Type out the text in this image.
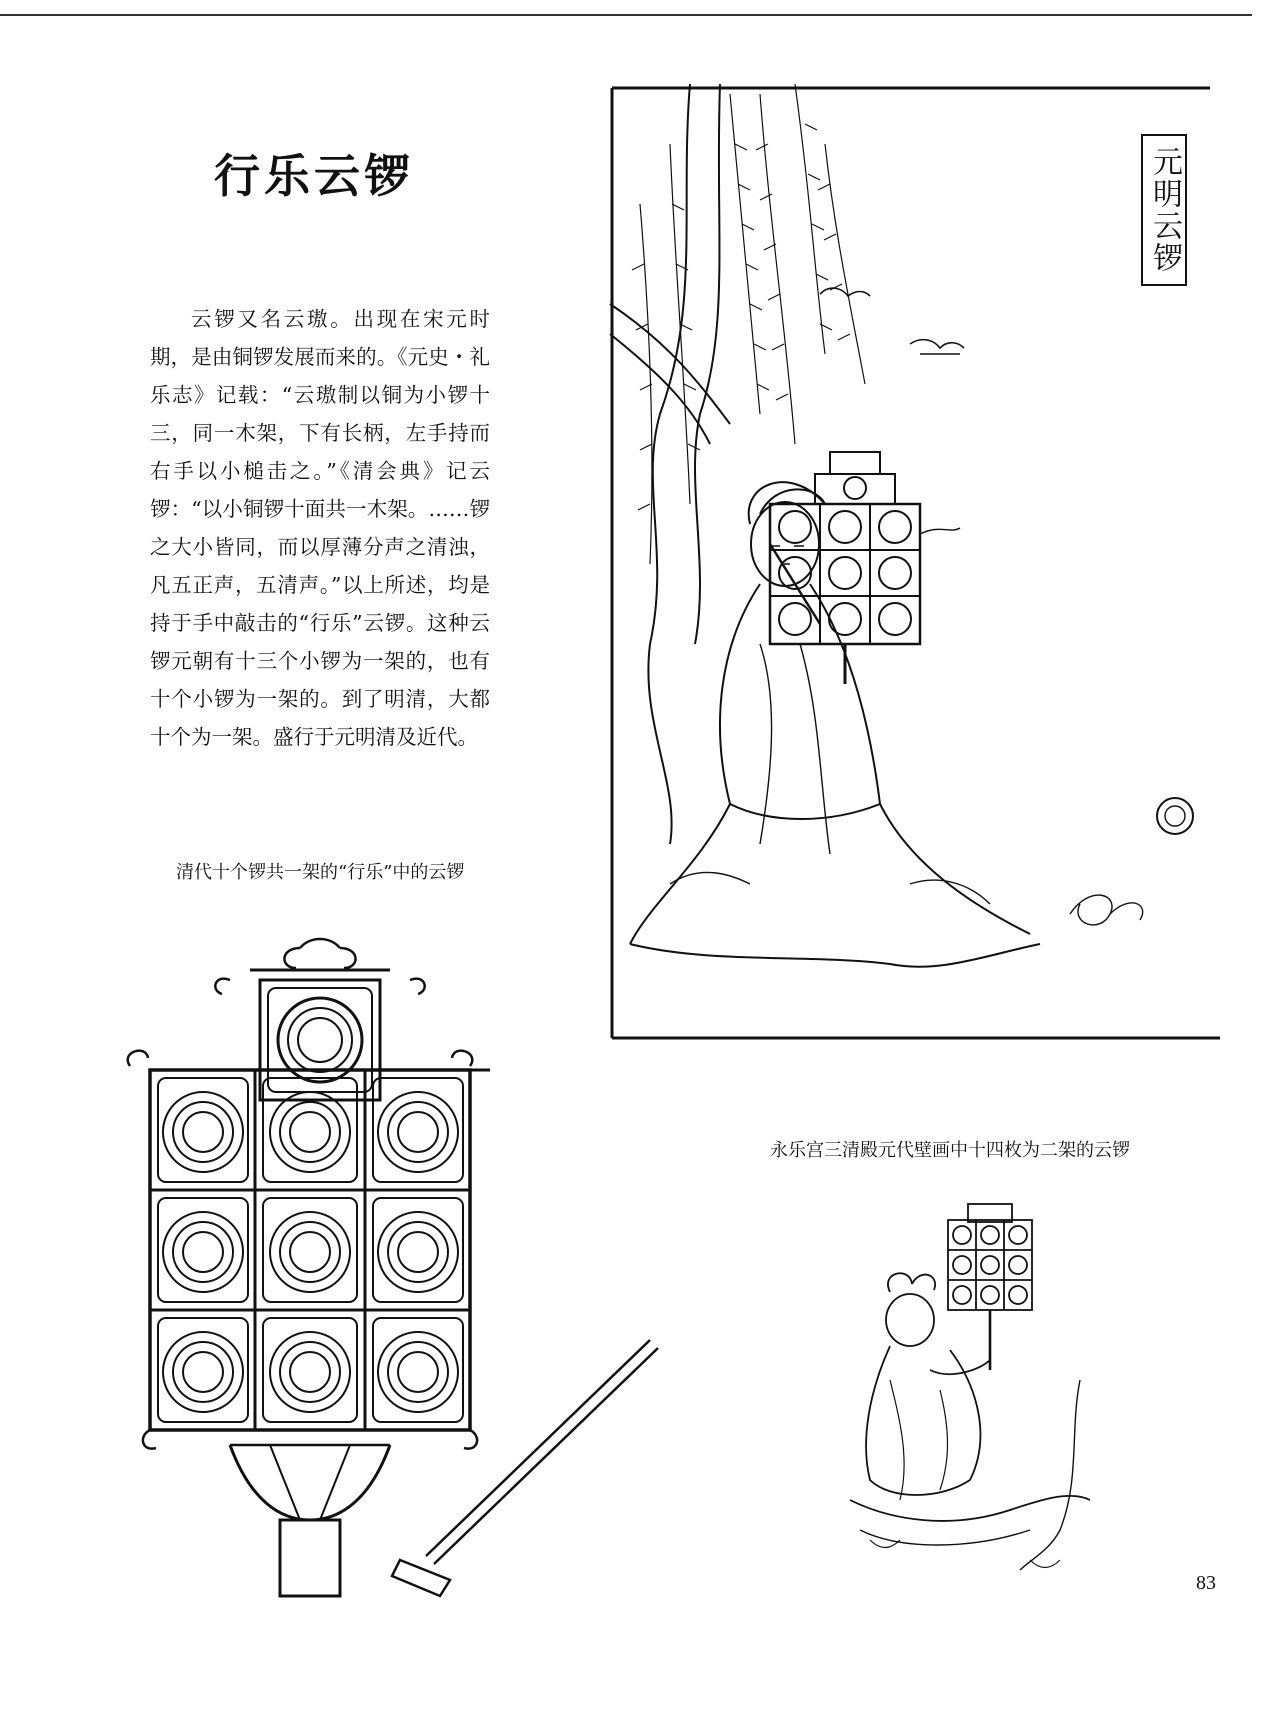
行乐云锣
云锣又名云璈。出现在宋元时期，是由铜锣发展而来的。《元史・礼乐志》记载：“云璈制以铜为小锣十三，同一木架，下有长柄，左手持而右手以小槌击之。”《清会典》记云锣：“以小铜锣十面共一木架。……锣之大小皆同，而以厚薄分声之清浊，凡五正声，五清声。”以上所述，均是持于手中敲击的“行乐”云锣。这种云锣元朝有十三个小锣为一架的，也有十个小锣为一架的。到了明清，大都十个为一架。盛行于元明清及近代。
清代十个锣共一架的“行乐”中的云锣
永乐宫三清殿元代壁画中十四枚为二架的云锣
83
元明云锣
